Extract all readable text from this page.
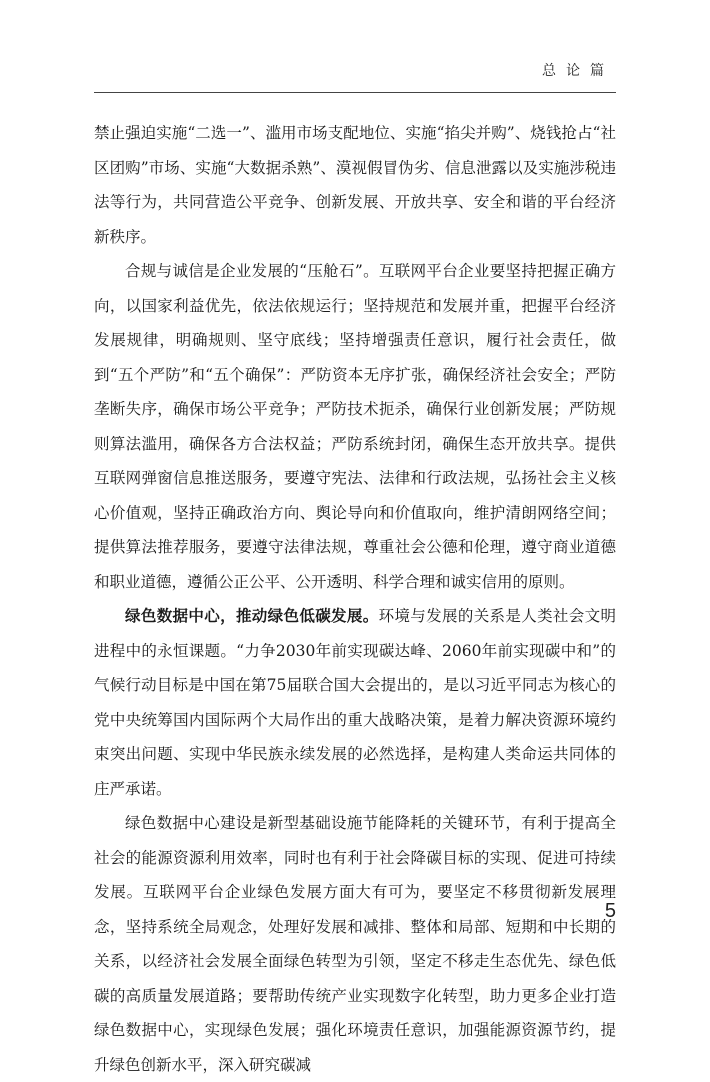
总论篇

禁止强迫实施“二选一”、滥用市场支配地位、实施“掐尖并购”、烧钱抢占“社区团购”市场、实施“大数据杀熟”、漠视假冒伪劣、信息泄露以及实施涉税违法等行为，共同营造公平竞争、创新发展、开放共享、安全和谐的平台经济新秩序。

合规与诚信是企业发展的“压舱石”。互联网平台企业要坚持把握正确方向，以国家利益优先，依法依规运行；坚持规范和发展并重，把握平台经济发展规律，明确规则、坚守底线；坚持增强责任意识，履行社会责任，做到“五个严防”和“五个确保”：严防资本无序扩张，确保经济社会安全；严防垄断失序，确保市场公平竞争；严防技术扼杀，确保行业创新发展；严防规则算法滥用，确保各方合法权益；严防系统封闭，确保生态开放共享。提供互联网弹窗信息推送服务，要遵守宪法、法律和行政法规，弘扬社会主义核心价值观，坚持正确政治方向、舆论导向和价值取向，维护清朗网络空间；提供算法推荐服务，要遵守法律法规，尊重社会公德和伦理，遵守商业道德和职业道德，遵循公正公平、公开透明、科学合理和诚实信用的原则。

绿色数据中心，推动绿色低碳发展。环境与发展的关系是人类社会文明进程中的永恒课题。“力争2030年前实现碳达峰、2060年前实现碳中和”的气候行动目标是中国在第75届联合国大会提出的，是以习近平同志为核心的党中央统筹国内国际两个大局作出的重大战略决策，是着力解决资源环境约束突出问题、实现中华民族永续发展的必然选择，是构建人类命运共同体的庄严承诺。

绿色数据中心建设是新型基础设施节能降耗的关键环节，有利于提高全社会的能源资源利用效率，同时也有利于社会降碳目标的实现、促进可持续发展。互联网平台企业绿色发展方面大有可为，要坚定不移贯彻新发展理念，坚持系统全局观念，处理好发展和减排、整体和局部、短期和中长期的关系，以经济社会发展全面绿色转型为引领，坚定不移走生态优先、绿色低碳的高质量发展道路；要帮助传统产业实现数字化转型，助力更多企业打造绿色数据中心，实现绿色发展；强化环境责任意识，加强能源资源节约，提升绿色创新水平，深入研究碳减

5
